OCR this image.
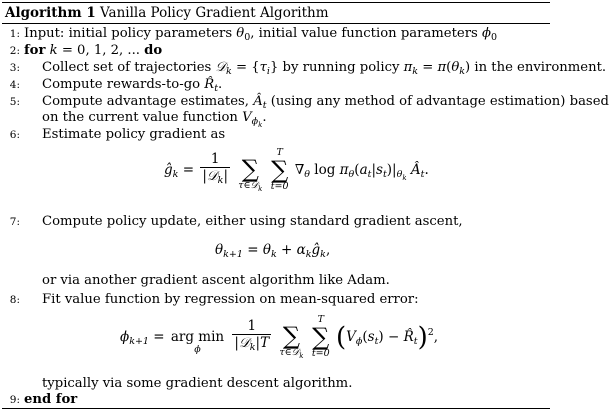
Algorithm 1 Vanilla Policy Gradient Algorithm
1: Input: initial policy parameters $\theta_0$, initial value function parameters $\phi_0$
2: for k = 0, 1, 2, ... do
3: Collect set of trajectories 𝒟$_k$ = $\{\tau_i\}$ by running policy $\pi_k = \pi(\theta_k)$ in the environment.
4: Compute rewards-to-go $R̂_t$.
5: Compute advantage estimates, $Â_t$ (using any method of advantage estimation) based
on the current value function $V_{\phi_k}$.
6: Estimate policy gradient as
$ĝ_k = \frac{1}{|𝒟_k|}$

∑
τ∈𝒟$_k$

T
∑
t=0
$\nabla_\theta$ $\log \pi_\theta(a_t|s_t)|_{\theta_k}$ $Â_t$.
7: Compute policy update, either using standard gradient ascent,
$\theta_{k+1} = \theta_k$ + $\alpha_kĝ_k$,
or via another gradient ascent algorithm like Adam.
8: Fit value function by regression on mean-squared error:
$\phi_{k+1}$ =
arg min
ϕ
	$\frac{1}{|𝒟_k|T}$

∑
τ∈𝒟$_k$

T
∑
t=0
($V_\phi(s_t)$ − $R̂_t)^2$,
typically via some gradient descent algorithm.
9: end for
